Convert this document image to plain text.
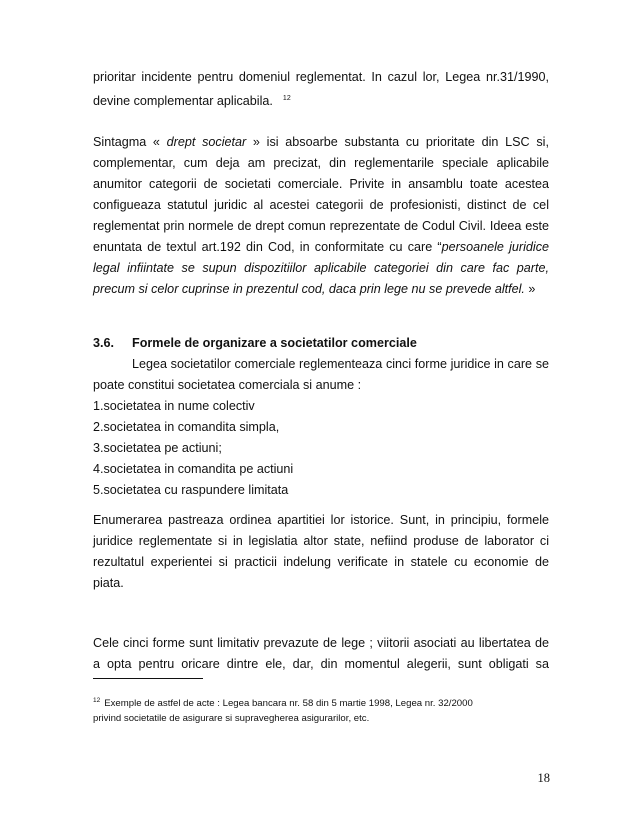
prioritar incidente pentru domeniul reglementat. In cazul lor, Legea nr.31/1990,
devine complementar aplicabila. $^{12}$
Sintagma « drept societar » isi absoarbe substanta cu prioritate din LSC si,
complementar, cum deja am precizat, din reglementarile speciale aplicabile
anumitor categorii de societati comerciale. Privite in ansamblu toate acestea
configueaza statutul juridic al acestei categorii de profesionisti, distinct de cel
reglementat prin normele de drept comun reprezentate de Codul Civil. Ideea este
enuntata de textul art.192 din Cod, in conformitate cu care “persoanele juridice
legal infiintate se supun dispozitiilor aplicabile categoriei din care fac parte,
precum si celor cuprinse in prezentul cod, daca prin lege nu se prevede altfel. »
3.6. Formele de organizare a societatilor comerciale
Legea societatilor comerciale reglementeaza cinci forme juridice in care se
poate constitui societatea comerciala si anume :
1.societatea in nume colectiv
2.societatea in comandita simpla,
3.societatea pe actiuni;
4.societatea in comandita pe actiuni
5.societatea cu raspundere limitata
Enumerarea pastreaza ordinea apartitiei lor istorice. Sunt, in principiu, formele
juridice reglementate si in legislatia altor state, nefiind produse de laborator ci
rezultatul experientei si practicii indelung verificate in statele cu economie de
piata.
Cele cinci forme sunt limitativ prevazute de lege ; viitorii asociati au libertatea de
a opta pentru oricare dintre ele, dar, din momentul alegerii, sunt obligati sa
$^{12}$ Exemple de astfel de acte : Legea bancara nr. 58 din 5 martie 1998, Legea nr. 32/2000
privind societatile de asigurare si supravegherea asigurarilor, etc.
18
